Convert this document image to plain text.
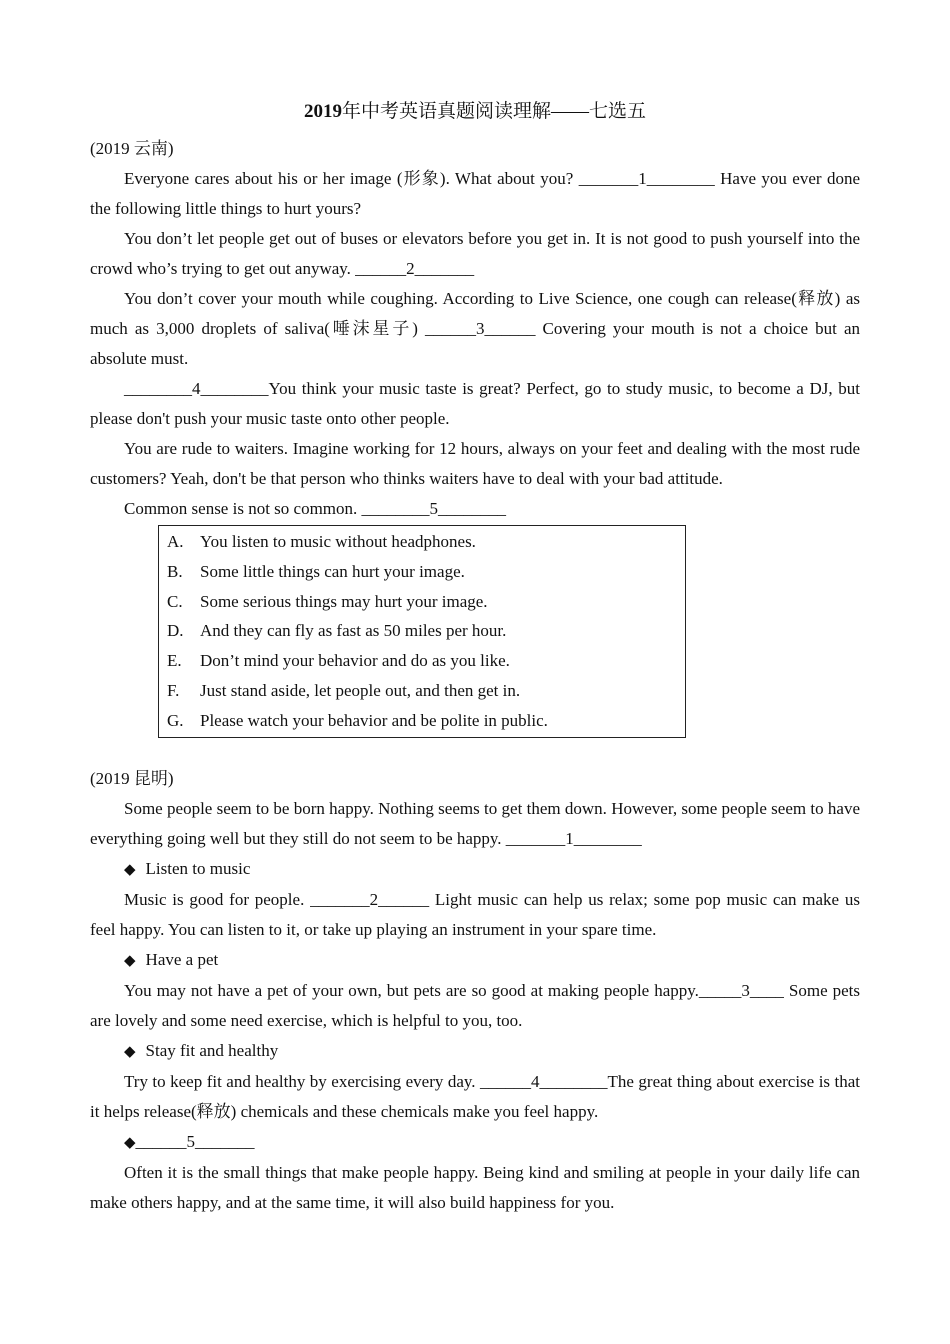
2019年中考英语真题阅读理解——七选五
(2019 云南)
Everyone cares about his or her image (形象). What about you? _______1________ Have you ever done the following little things to hurt yours?
You don’t let people get out of buses or elevators before you get in. It is not good to push yourself into the crowd who’s trying to get out anyway. ______2_______
You don’t cover your mouth while coughing. According to Live Science, one cough can release(释放) as much as 3,000 droplets of saliva(唾沫星子) ______3______ Covering your mouth is not a choice but an absolute must.
________4________You think your music taste is great? Perfect, go to study music, to become a DJ, but please don't push your music taste onto other people.
You are rude to waiters. Imagine working for 12 hours, always on your feet and dealing with the most rude customers? Yeah, don't be that person who thinks waiters have to deal with your bad attitude.
Common sense is not so common. ________5________
A. You listen to music without headphones.
B. Some little things can hurt your image.
C. Some serious things may hurt your image.
D. And they can fly as fast as 50 miles per hour.
E. Don’t mind your behavior and do as you like.
F. Just stand aside, let people out, and then get in.
G. Please watch your behavior and be polite in public.
(2019 昆明)
Some people seem to be born happy. Nothing seems to get them down. However, some people seem to have everything going well but they still do not seem to be happy. _______1________
◆ Listen to music
Music is good for people. _______2______ Light music can help us relax; some pop music can make us feel happy. You can listen to it, or take up playing an instrument in your spare time.
◆ Have a pet
You may not have a pet of your own, but pets are so good at making people happy._____3____ Some pets are lovely and some need exercise, which is helpful to you, too.
◆ Stay fit and healthy
Try to keep fit and healthy by exercising every day. ______4________The great thing about exercise is that it helps release(释放) chemicals and these chemicals make you feel happy.
◆______5_______
Often it is the small things that make people happy. Being kind and smiling at people in your daily life can make others happy, and at the same time, it will also build happiness for you.
